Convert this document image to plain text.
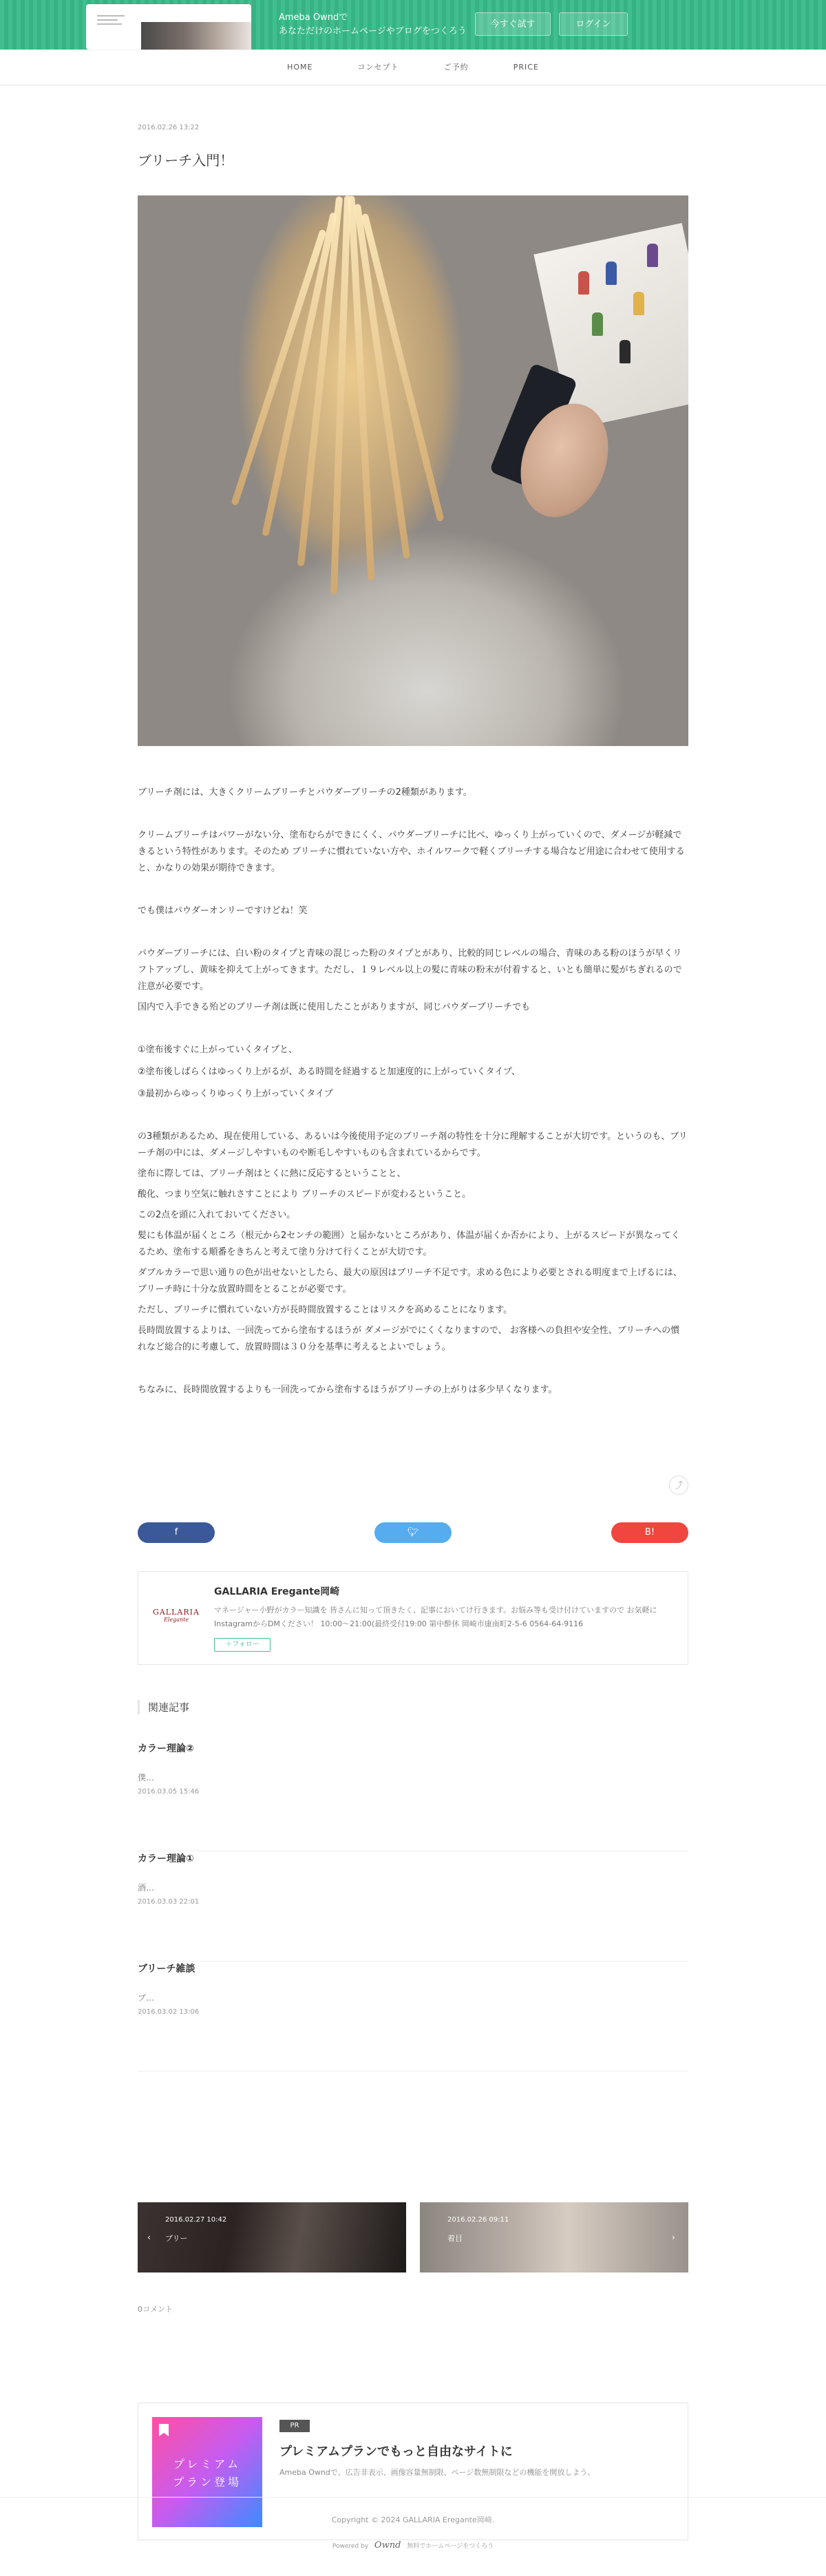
Ameba Owndで
あなただけのホームページやブログをつくろう
今すぐ試す	ログイン
HOME	コンセプト	ご予約	PRICE
2016.02.26 13:22
ブリーチ入門！
ブリーチ剤には、大きくクリームブリーチとパウダーブリーチの2種類があります。
クリームブリーチはパワーがない分、塗布むらができにくく、パウダーブリーチに比べ、ゆっくり上がっていくので、ダメージが軽減できるという特性があります。そのため ブリーチに慣れていない方や、ホイルワークで軽くブリーチする場合など用途に合わせて使用すると、かなりの効果が期待できます。
でも僕はパウダーオンリーですけどね！笑
パウダーブリーチには、白い粉のタイプと青味の混じった粉のタイプとがあり、比較的同じレベルの場合、青味のある粉のほうが早くリフトアップし、黄味を抑えて上がってきます。ただし、１９レベル以上の髪に青味の粉末が付着すると、いとも簡単に髪がちぎれるので注意が必要です。
国内で入手できる殆どのブリーチ剤は既に使用したことがありますが、同じパウダーブリーチでも
①塗布後すぐに上がっていくタイプと、
②塗布後しばらくはゆっくり上がるが、ある時間を経過すると加速度的に上がっていくタイプ、
③最初からゆっくりゆっくり上がっていくタイプ
の3種類があるため、現在使用している、あるいは今後使用予定のブリーチ剤の特性を十分に理解することが大切です。というのも、ブリーチ剤の中には、ダメージしやすいものや断毛しやすいものも含まれているからです。
塗布に際しては、ブリーチ剤はとくに熱に反応するということと、
酸化、つまり空気に触れさすことにより ブリーチのスピードが変わるということ。
この2点を頭に入れておいてください。
髪にも体温が届くところ（根元から2センチの範囲）と届かないところがあり、体温が届くか否かにより、上がるスピードが異なってくるため、塗布する順番をきちんと考えて塗り分けて行くことが大切です。
ダブルカラーで思い通りの色が出せないとしたら、最大の原因はブリーチ不足です。求める色により必要とされる明度まで上げるには、ブリーチ時に十分な放置時間をとることが必要です。
ただし、ブリーチに慣れていない方が長時間放置することはリスクを高めることになります。
長時間放置するよりは、一回洗ってから塗布するほうが ダメージがでにくくなりますので、 お客様への負担や安全性、ブリーチへの慣れなど総合的に考慮して、放置時間は３０分を基準に考えるとよいでしょう。
ちなみに、長時間放置するよりも一回洗ってから塗布するほうがブリーチの上がりは多少早くなります。
⤴
f	🐦︎	B!
GALLARIA
Elegante
GALLARIA Eregante岡崎
マネージャー小野がカラー知識を 皆さんに知って頂きたく、記事においてけ行きます。お悩み等も受け付けていますので お気軽にInstagramからDMください！ 10:00〜21:00(最終受付19:00 第中酔休 岡崎市康南町2-5-6 0564-64-9116
＋フォロー
関連記事
カラー理論②
僕…
2016.03.05 15:46
カラー理論①
酒…
2016.03.03 22:01
ブリーチ雑談
ブ…
2016.03.02 13:06
2016.02.27 10:42
‹ ブリー
2016.02.26 09:11
着目	›
0コメント
プレミアム
プラン登場
PR
プレミアムプランでもっと自由なサイトに
Ameba Owndで、広告非表示、画像容量無制限、ページ数無制限などの機能を開放しよう。
Copyright © 2024 GALLARIA Eregante岡崎.
Powered by Ownd 無料でホームページをつくろう
